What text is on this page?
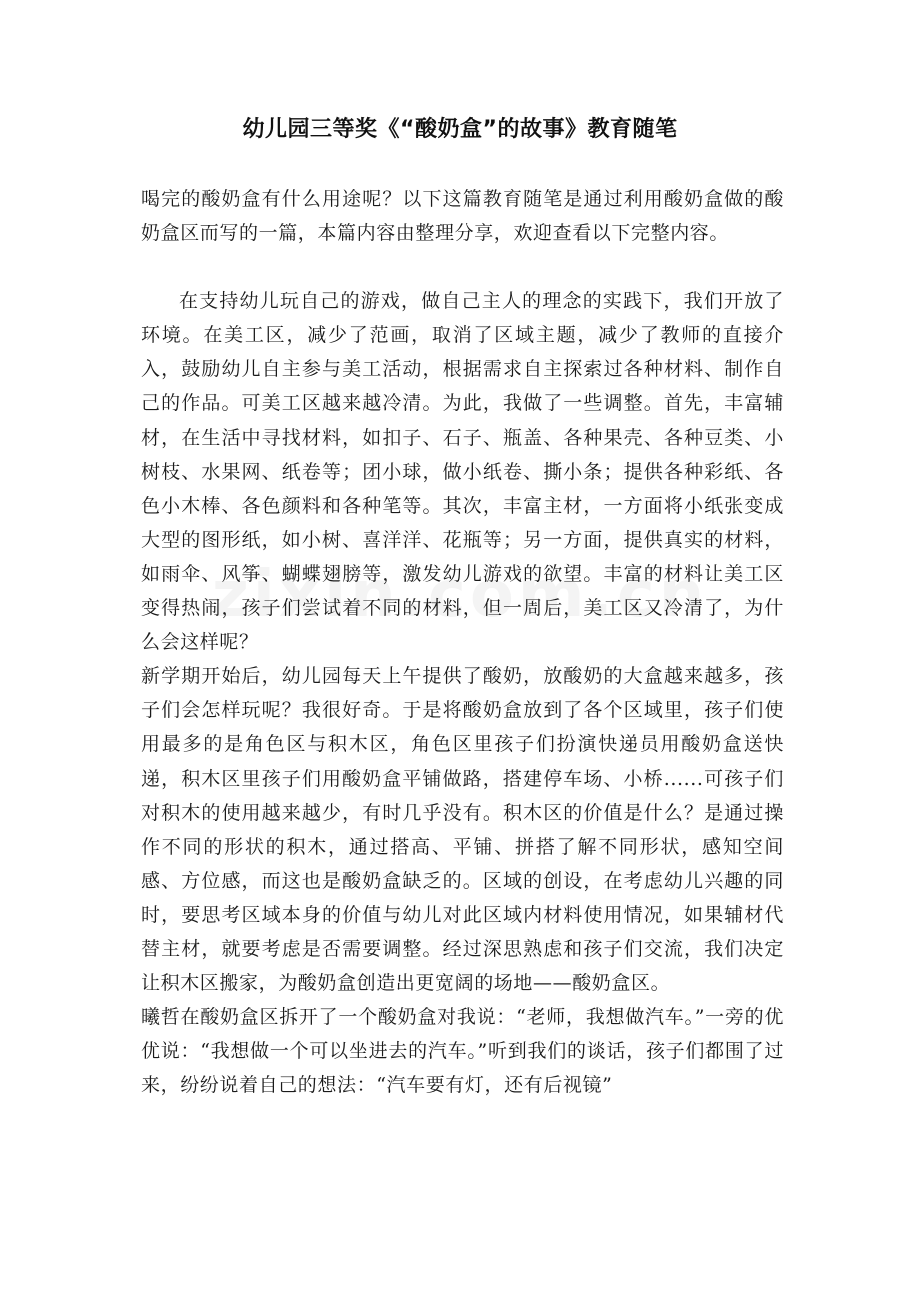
幼儿园三等奖《“酸奶盒”的故事》教育随笔

喝完的酸奶盒有什么用途呢？以下这篇教育随笔是通过利用酸奶盒做的酸奶盒区而写的一篇，本篇内容由整理分享，欢迎查看以下完整内容。

在支持幼儿玩自己的游戏，做自己主人的理念的实践下，我们开放了环境。在美工区，减少了范画，取消了区域主题，减少了教师的直接介入，鼓励幼儿自主参与美工活动，根据需求自主探索过各种材料、制作自己的作品。可美工区越来越冷清。为此，我做了一些调整。首先，丰富辅材，在生活中寻找材料，如扣子、石子、瓶盖、各种果壳、各种豆类、小树枝、水果网、纸卷等；团小球，做小纸卷、撕小条；提供各种彩纸、各色小木棒、各色颜料和各种笔等。其次，丰富主材，一方面将小纸张变成大型的图形纸，如小树、喜洋洋、花瓶等；另一方面，提供真实的材料，如雨伞、风筝、蝴蝶翅膀等，激发幼儿游戏的欲望。丰富的材料让美工区变得热闹，孩子们尝试着不同的材料，但一周后，美工区又冷清了，为什么会这样呢？

新学期开始后，幼儿园每天上午提供了酸奶，放酸奶的大盒越来越多，孩子们会怎样玩呢？我很好奇。于是将酸奶盒放到了各个区域里，孩子们使用最多的是角色区与积木区，角色区里孩子们扮演快递员用酸奶盒送快递，积木区里孩子们用酸奶盒平铺做路，搭建停车场、小桥......可孩子们对积木的使用越来越少，有时几乎没有。积木区的价值是什么？是通过操作不同的形状的积木，通过搭高、平铺、拼搭了解不同形状，感知空间感、方位感，而这也是酸奶盒缺乏的。区域的创设，在考虑幼儿兴趣的同时，要思考区域本身的价值与幼儿对此区域内材料使用情况，如果辅材代替主材，就要考虑是否需要调整。经过深思熟虑和孩子们交流，我们决定让积木区搬家，为酸奶盒创造出更宽阔的场地——酸奶盒区。

曦哲在酸奶盒区拆开了一个酸奶盒对我说：“老师，我想做汽车。”一旁的优优说：“我想做一个可以坐进去的汽车。”听到我们的谈话，孩子们都围了过来，纷纷说着自己的想法：“汽车要有灯，还有后视镜”
